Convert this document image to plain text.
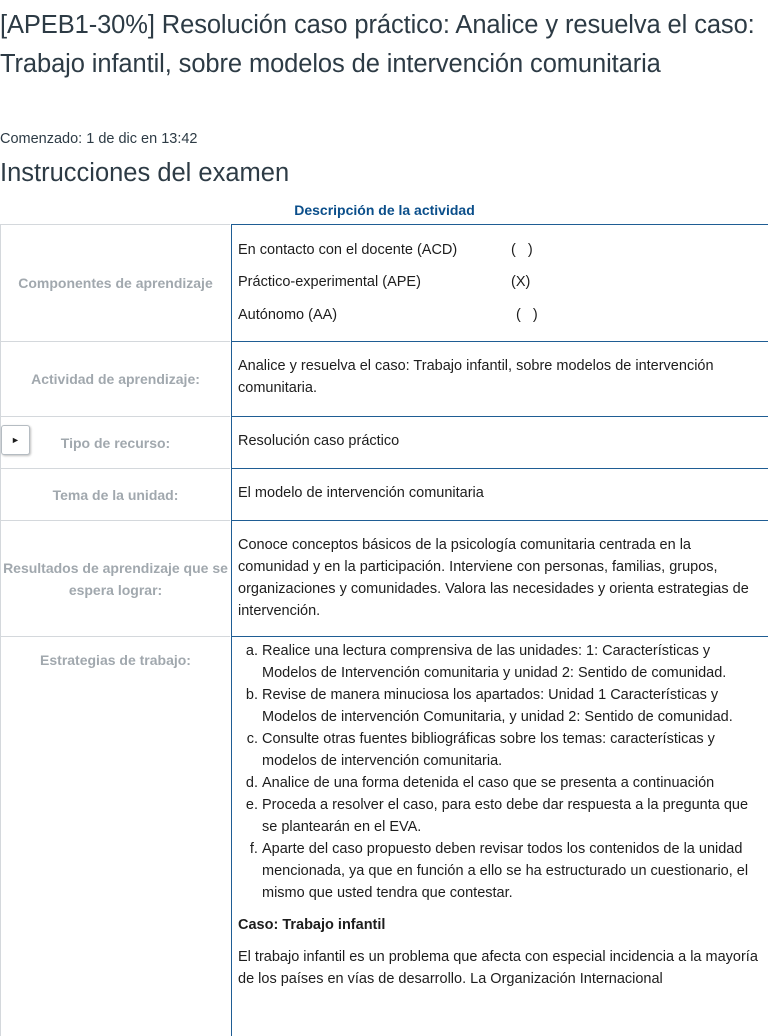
[APEB1-30%] Resolución caso práctico: Analice y resuelva el caso: Trabajo infantil, sobre modelos de intervención comunitaria
Comenzado: 1 de dic en 13:42
Instrucciones del examen
Descripción de la actividad
Componentes de aprendizaje
En contacto con el docente (ACD)	(   )
Práctico-experimental (APE)	(X)
Autónomo (AA)	(   )
Actividad de aprendizaje:
Analice y resuelva el caso: Trabajo infantil, sobre modelos de intervención comunitaria.
Tipo de recurso:
►	Resolución caso práctico
Tema de la unidad:	El modelo de intervención comunitaria
Resultados de aprendizaje que se espera lograr:
Conoce conceptos básicos de la psicología comunitaria centrada en la comunidad y en la participación. Interviene con personas, familias, grupos, organizaciones y comunidades. Valora las necesidades y orienta estrategias de intervención.
Estrategias de trabajo:
a. Realice una lectura comprensiva de las unidades: 1: Características y Modelos de Intervención comunitaria y unidad 2: Sentido de comunidad.
b. Revise de manera minuciosa los apartados: Unidad 1 Características y Modelos de intervención Comunitaria, y unidad 2: Sentido de comunidad.
c. Consulte otras fuentes bibliográficas sobre los temas: características y modelos de intervención comunitaria.
d. Analice de una forma detenida el caso que se presenta a continuación
e. Proceda a resolver el caso, para esto debe dar respuesta a la pregunta que se plantearán en el EVA.
f. Aparte del caso propuesto deben revisar todos los contenidos de la unidad mencionada, ya que en función a ello se ha estructurado un cuestionario, el mismo que usted tendra que contestar.
Caso: Trabajo infantil
El trabajo infantil es un problema que afecta con especial incidencia a la mayoría de los países en vías de desarrollo. La Organización Internacional
